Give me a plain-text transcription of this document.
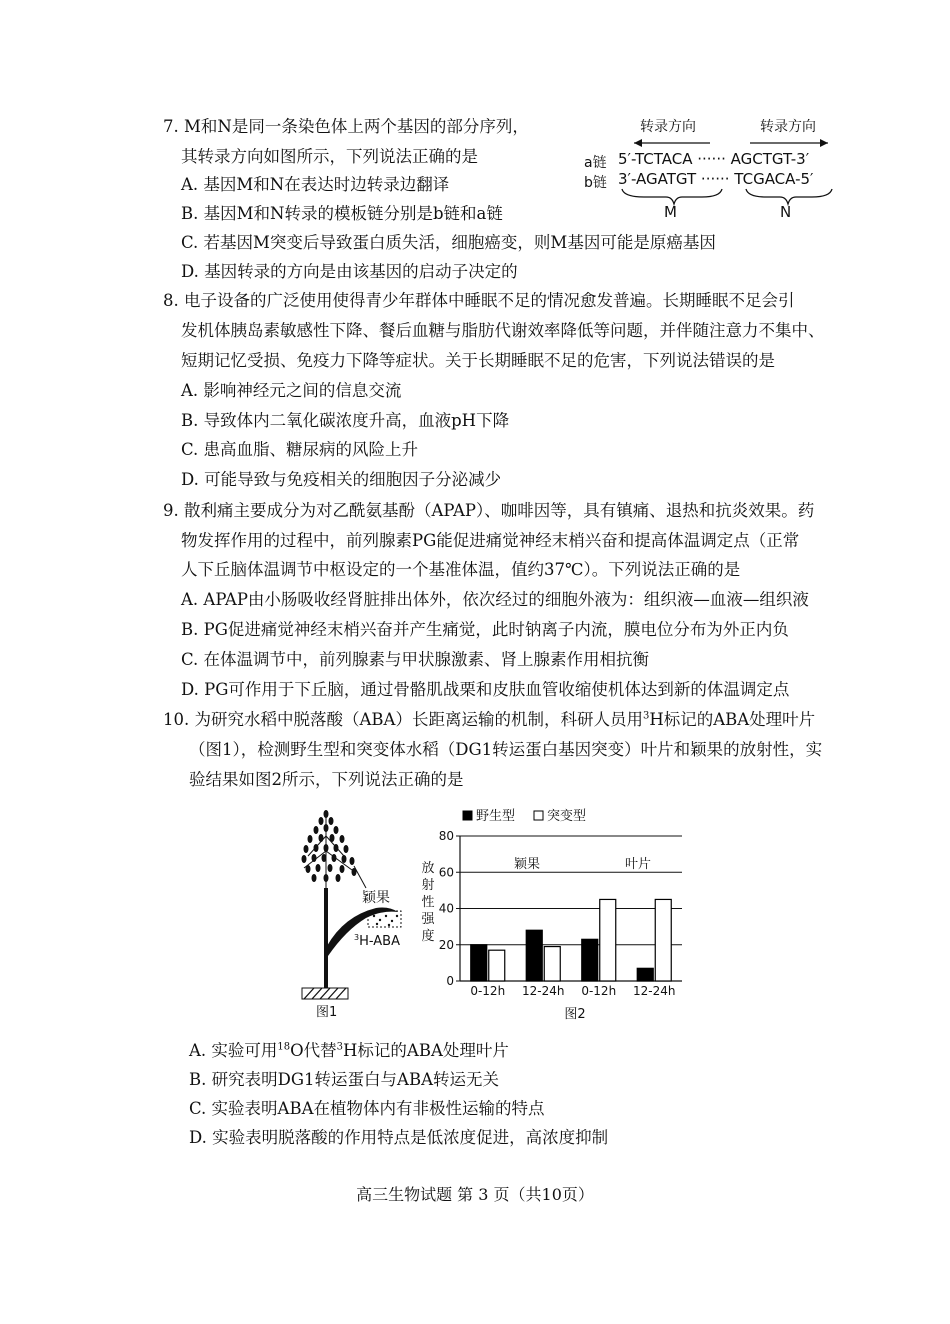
7. M和N是同一条染色体上两个基因的部分序列，
其转录方向如图所示，下列说法正确的是
A. 基因M和N在表达时边转录边翻译
B. 基因M和N转录的模板链分别是b链和a链
C. 若基因M突变后导致蛋白质失活，细胞癌变，则M基因可能是原癌基因
D. 基因转录的方向是由该基因的启动子决定的
转录方向	转录方向
a链 5′-TCTACA ······ AGCTGT-3′
b链 3′-AGATGT ······ TCGACA-5′
M	N
8. 电子设备的广泛使用使得青少年群体中睡眠不足的情况愈发普遍。长期睡眠不足会引
发机体胰岛素敏感性下降、餐后血糖与脂肪代谢效率降低等问题，并伴随注意力不集中、
短期记忆受损、免疫力下降等症状。关于长期睡眠不足的危害，下列说法错误的是
A. 影响神经元之间的信息交流
B. 导致体内二氧化碳浓度升高，血液pH下降
C. 患高血脂、糖尿病的风险上升
D. 可能导致与免疫相关的细胞因子分泌减少
9. 散利痛主要成分为对乙酰氨基酚（APAP）、咖啡因等，具有镇痛、退热和抗炎效果。药
物发挥作用的过程中，前列腺素PG能促进痛觉神经末梢兴奋和提高体温调定点（正常
人下丘脑体温调节中枢设定的一个基准体温，值约37℃）。下列说法正确的是
A. APAP由小肠吸收经肾脏排出体外，依次经过的细胞外液为：组织液—血液—组织液
B. PG促进痛觉神经末梢兴奋并产生痛觉，此时钠离子内流，膜电位分布为外正内负
C. 在体温调节中，前列腺素与甲状腺激素、肾上腺素作用相抗衡
D. PG可作用于下丘脑，通过骨骼肌战栗和皮肤血管收缩使机体达到新的体温调定点
10. 为研究水稻中脱落酸（ABA）长距离运输的机制，科研人员用$^3$H标记的ABA处理叶片
（图1），检测野生型和突变体水稻（DG1转运蛋白基因突变）叶片和颖果的放射性，实
验结果如图2所示，下列说法正确的是
颖果
$^3$H-ABA
图1
野生型 突变型
0
20
40
60
80
放
射
性
强
度
颖果	叶片
0-12h 12-24h 0-12h 12-24h
图2
A. 实验可用$^{18}$O代替$^3$H标记的ABA处理叶片
B. 研究表明DG1转运蛋白与ABA转运无关
C. 实验表明ABA在植物体内有非极性运输的特点
D. 实验表明脱落酸的作用特点是低浓度促进，高浓度抑制
高三生物试题 第 3 页（共10页）
